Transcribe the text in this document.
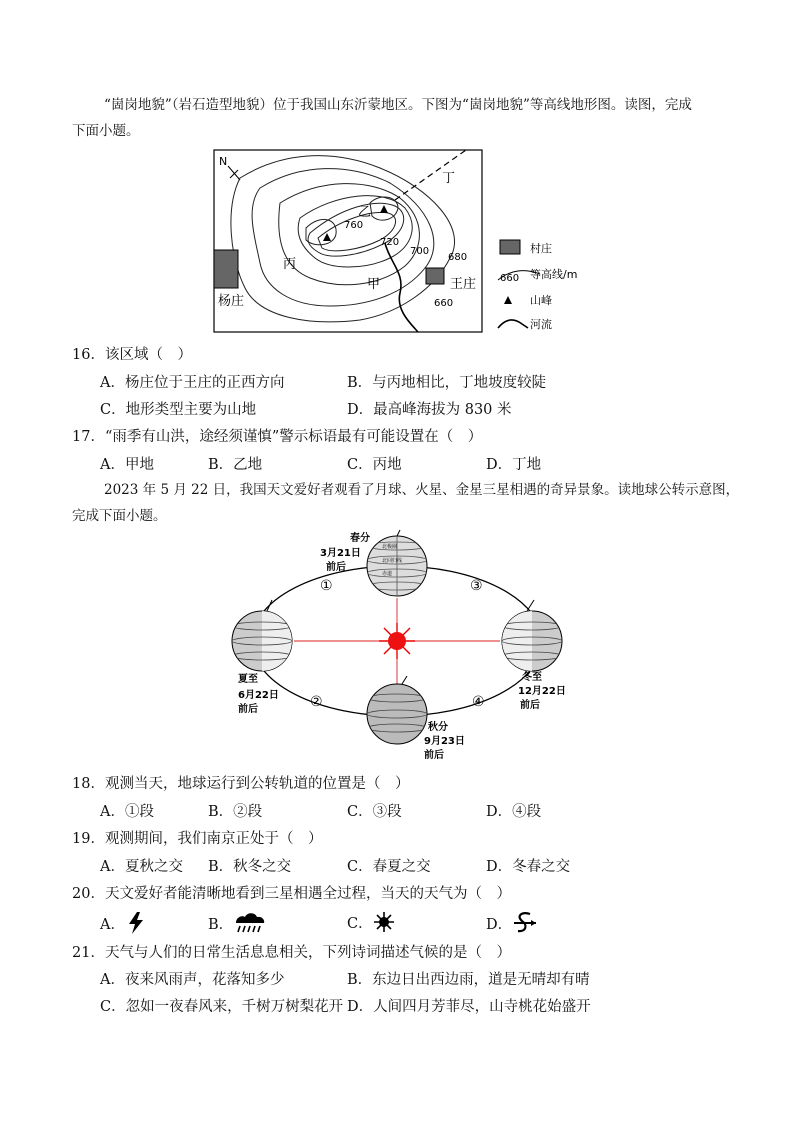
“崮岗地貌”（岩石造型地貌）位于我国山东沂蒙地区。下图为“崮岗地貌”等高线地形图。读图，完成
下面小题。
N
乙
760
720
700
680
660
杨庄
王庄
丙
甲
丁
村庄
660 等高线/m
山峰
河流
16．该区域（　）
A．杨庄位于王庄的正西方向	B．与丙地相比，丁地坡度较陡
C．地形类型主要为山地	D．最高峰海拔为 830 米
17．“雨季有山洪，途经须谨慎”警示标语最有可能设置在（　）
A．甲地	B．乙地	C．丙地	D．丁地
2023 年 5 月 22 日，我国天文爱好者观看了月球、火星、金星三星相遇的奇异景象。读地球公转示意图，
完成下面小题。
北极圈
北回归线
赤道
春分
3月21日
前后
夏至
6月22日
前后
秋分
9月23日
前后
冬至
12月22日
前后
①
②
③
④
18．观测当天，地球运行到公转轨道的位置是（　）
A．①段	B．②段	C．③段	D．④段
19．观测期间，我们南京正处于（　）
A．夏秋之交 B．秋冬之交	C．春夏之交	D．冬春之交
20．天文爱好者能清晰地看到三星相遇全过程，当天的天气为（　）
A．	B．	C．	D．
21．天气与人们的日常生活息息相关，下列诗词描述气候的是（　）
A．夜来风雨声，花落知多少	B．东边日出西边雨，道是无晴却有晴
C．忽如一夜春风来，千树万树梨花开 D．人间四月芳菲尽，山寺桃花始盛开
